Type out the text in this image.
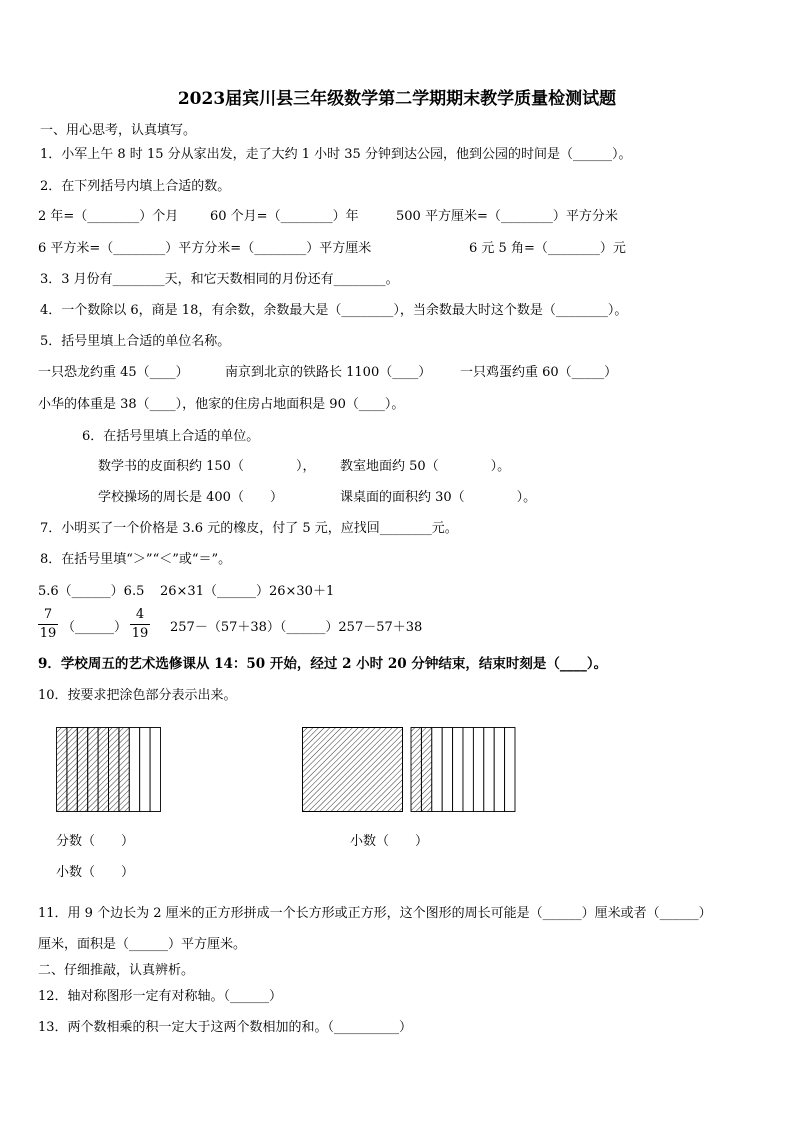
2023届宾川县三年级数学第二学期期末教学质量检测试题
一、用心思考，认真填写。
1．小军上午 8 时 15 分从家出发，走了大约 1 小时 35 分钟到达公园，他到公园的时间是（______）。
2．在下列括号内填上合适的数。
2 年=（________）个月 60 个月=（________）年	500 平方厘米=（________）平方分米
6 平方米=（________）平方分米=（________）平方厘米	6 元 5 角=（________）元
3．3 月份有________天，和它天数相同的月份还有________。
4．一个数除以 6，商是 18，有余数，余数最大是（________），当余数最大时这个数是（________）。
5．括号里填上合适的单位名称。
一只恐龙约重 45（____）	南京到北京的铁路长 1100（____） 一只鸡蛋约重 60（_____）
小华的体重是 38（____），他家的住房占地面积是 90（____）。
6．在括号里填上合适的单位。
数学书的皮面积约 150（　　　　）， 教室地面约 50（　　　　）。
学校操场的周长是 400（　　）	课桌面的面积约 30（　　　　）。
7．小明买了一个价格是 3.6 元的橡皮，付了 5 元，应找回________元。
8．在括号里填“＞”“＜”或“＝”。
5.6（______）6.5 26×31（______）26×30＋1
7
19 （______）
4
19 257－（57＋38）（______）257－57＋38
9．学校周五的艺术选修课从 14：50 开始，经过 2 小时 20 分钟结束，结束时刻是（____）。
10．按要求把涂色部分表示出来。
分数（　　）	小数（　　）
小数（　　）
11．用 9 个边长为 2 厘米的正方形拼成一个长方形或正方形，这个图形的周长可能是（______）厘米或者（______）
厘米，面积是（______）平方厘米。
二、仔细推敲，认真辨析。
12．轴对称图形一定有对称轴。（______）
13．两个数相乘的积一定大于这两个数相加的和。（__________）
